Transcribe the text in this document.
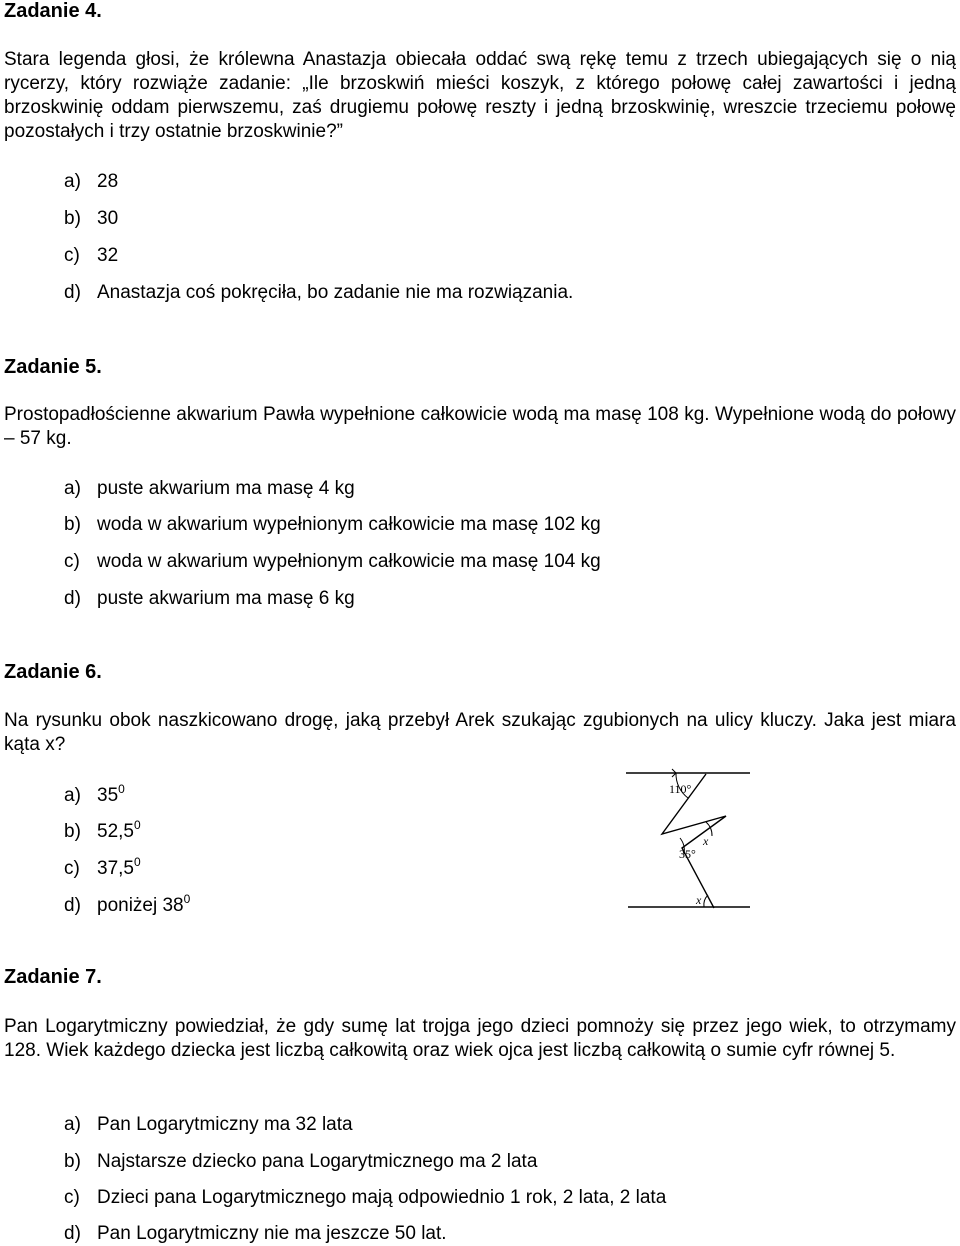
Zadanie 4.
Stara legenda głosi, że królewna Anastazja obiecała oddać swą rękę temu z trzech ubiegających się o nią rycerzy, który rozwiąże zadanie: „Ile brzoskwiń mieści koszyk, z którego połowę całej zawartości i jedną brzoskwinię oddam pierwszemu, zaś drugiemu połowę reszty i jedną brzoskwinię, wreszcie trzeciemu połowę pozostałych i trzy ostatnie brzoskwinie?”
a) 28
b) 30
c) 32
d) Anastazja coś pokręciła, bo zadanie nie ma rozwiązania.
Zadanie 5.
Prostopadłościenne akwarium Pawła wypełnione całkowicie wodą ma masę 108 kg. Wypełnione wodą do połowy – 57 kg.
a) puste akwarium ma masę 4 kg
b) woda w akwarium wypełnionym całkowicie ma masę 102 kg
c) woda w akwarium wypełnionym całkowicie ma masę 104 kg
d) puste akwarium ma masę 6 kg
Zadanie 6.
Na rysunku obok naszkicowano drogę, jaką przebył Arek szukając zgubionych na ulicy kluczy. Jaka jest miara kąta x?
a) $35^0$
b) 52,5$^0$
c) 37,5$^0$
d) poniżej $38^0$
110°
35°
x
x
Zadanie 7.
Pan Logarytmiczny powiedział, że gdy sumę lat trojga jego dzieci pomnoży się przez jego wiek, to otrzymamy 128. Wiek każdego dziecka jest liczbą całkowitą oraz wiek ojca jest liczbą całkowitą o sumie cyfr równej 5.
a) Pan Logarytmiczny ma 32 lata
b) Najstarsze dziecko pana Logarytmicznego ma 2 lata
c) Dzieci pana Logarytmicznego mają odpowiednio 1 rok, 2 lata, 2 lata
d) Pan Logarytmiczny nie ma jeszcze 50 lat.
